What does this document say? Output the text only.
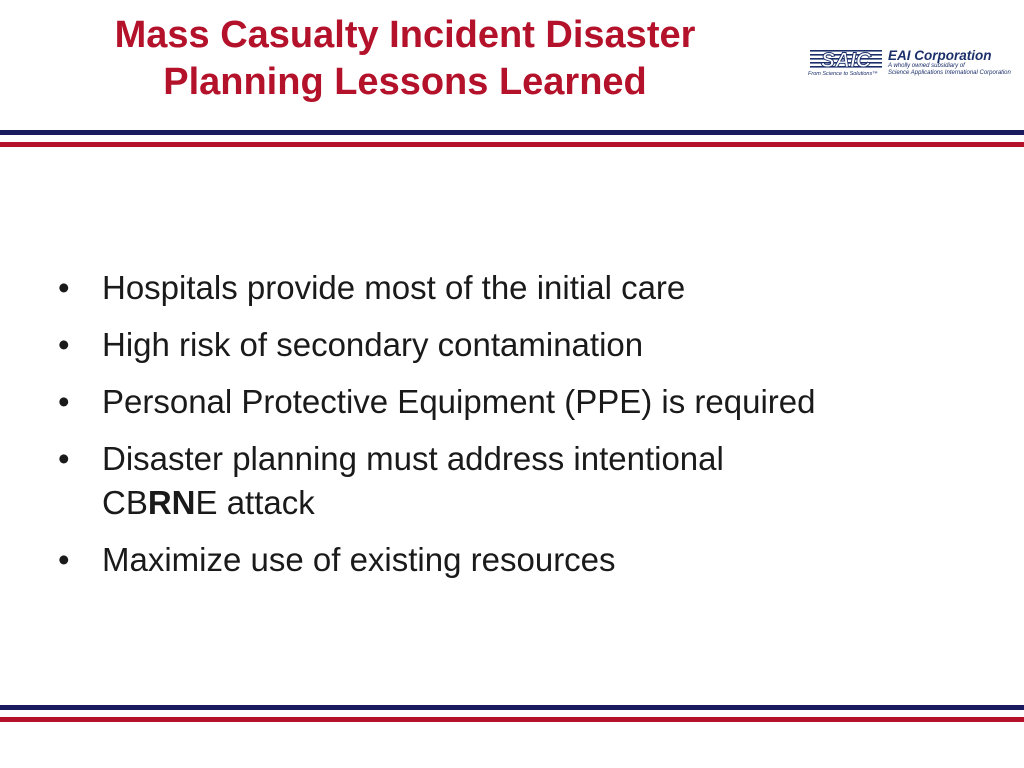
Mass Casualty Incident Disaster
Planning Lessons Learned
SAIC
From Science to Solutions™
EAI Corporation
A wholly owned subsidiary of
Science Applications International Corporation
• Hospitals provide most of the initial care
• High risk of secondary contamination
• Personal Protective Equipment (PPE) is required
• Disaster planning must address intentional
CBRNE attack
• Maximize use of existing resources
